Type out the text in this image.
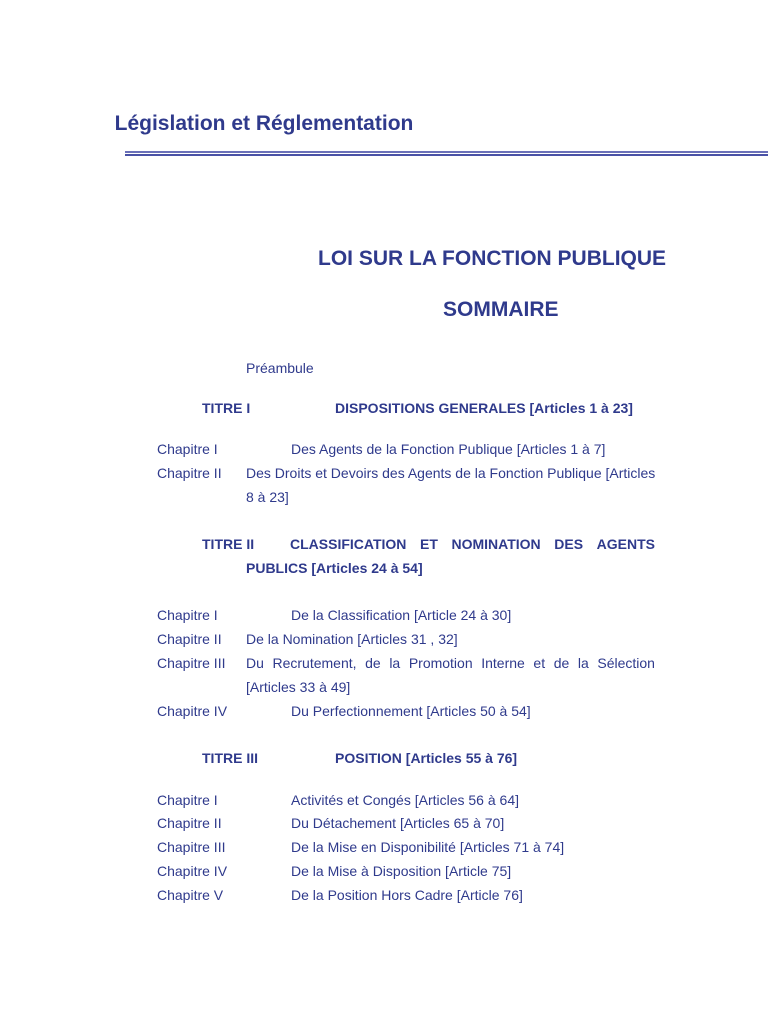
Législation et Réglementation
LOI SUR LA FONCTION PUBLIQUE
SOMMAIRE
Préambule
TITRE I	DISPOSITIONS GENERALES [Articles 1 à 23]
Chapitre I	Des Agents de la Fonction Publique [Articles 1 à 7]
Chapitre II Des Droits et Devoirs des Agents de la Fonction Publique [Articles
8 à 23]
TITRE II	CLASSIFICATION ET NOMINATION DES AGENTS
PUBLICS [Articles 24 à 54]
Chapitre I	De la Classification [Article 24 à 30]
Chapitre II De la Nomination [Articles 31 , 32]
Chapitre III Du Recrutement, de la Promotion Interne et de la Sélection
[Articles 33 à 49]
Chapitre IV	Du Perfectionnement [Articles 50 à 54]
TITRE III	POSITION [Articles 55 à 76]
Chapitre I	Activités et Congés [Articles 56 à 64]
Chapitre II	Du Détachement [Articles 65 à 70]
Chapitre III	De la Mise en Disponibilité [Articles 71 à 74]
Chapitre IV	De la Mise à Disposition [Article 75]
Chapitre V	De la Position Hors Cadre [Article 76]
